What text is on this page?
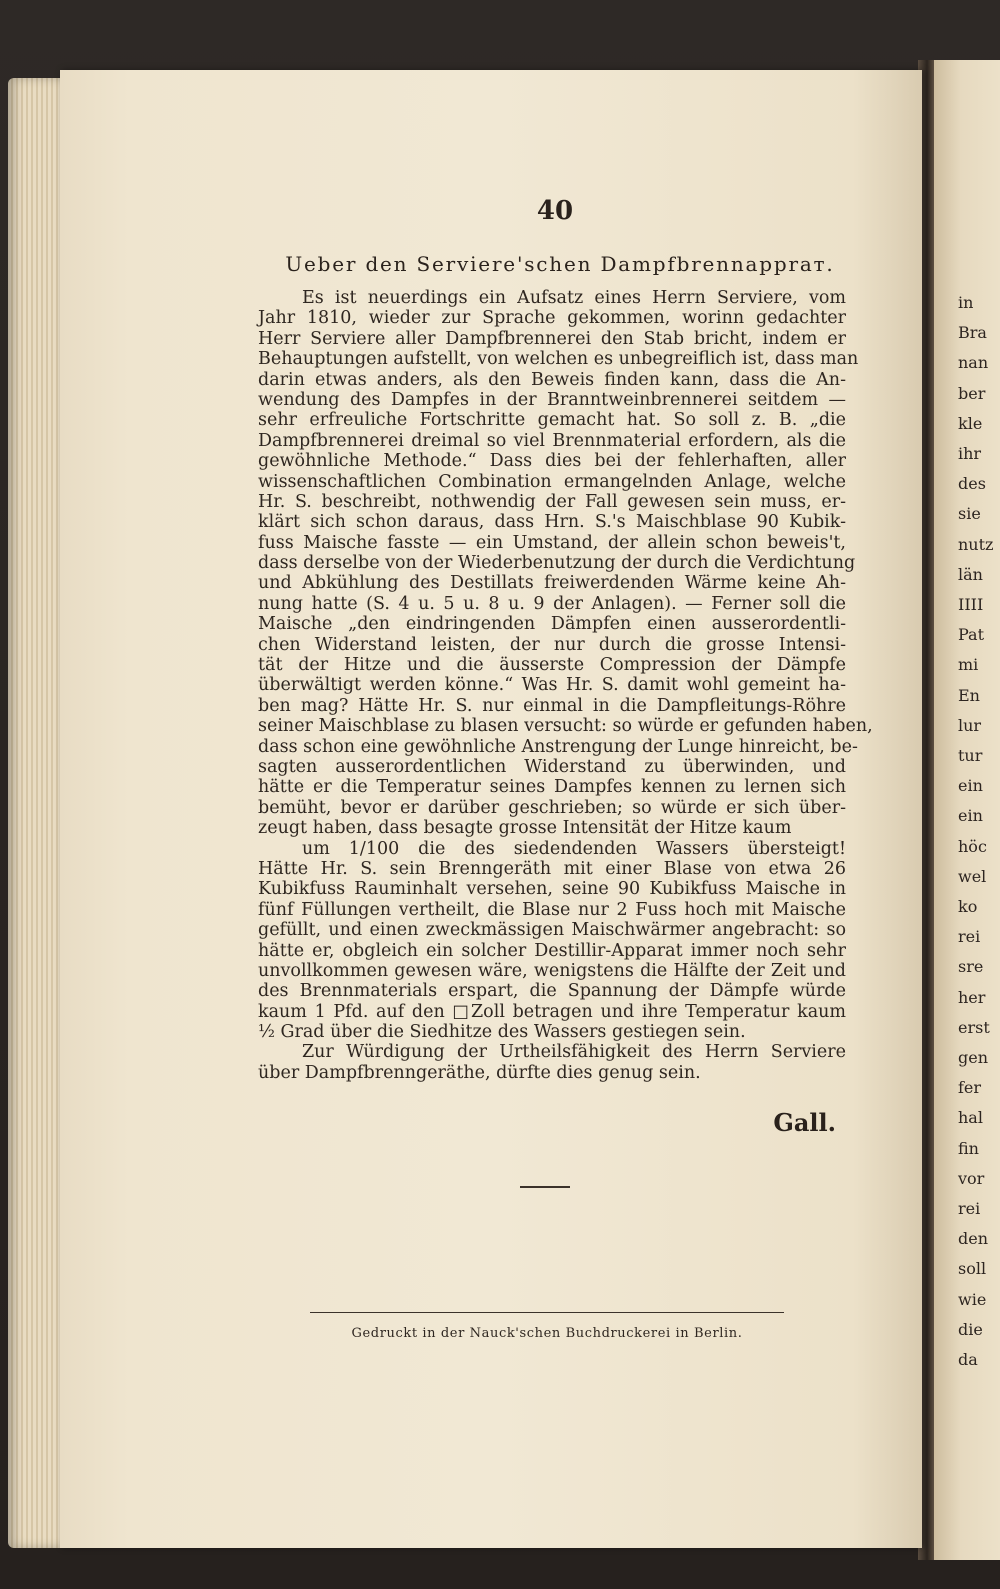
in
Bra
nan
ber
kle
ihr
des
sie
nutz
län
IIII
Pat
mi
En
lur
tur
ein
ein
höc
wel
ko
rei
sre
her
erst
gen
fer
hal
fin
vor
rei
den
soll
wie
die
da
40
Ueber den Serviere'schen Dampfbrennappraт.
Es ist neuerdings ein Aufsatz eines Herrn Serviere, vom
Jahr 1810, wieder zur Sprache gekommen, worinn gedachter
Herr Serviere aller Dampfbrennerei den Stab bricht, indem er
Behauptungen aufstellt, von welchen es unbegreiflich ist, dass man
darin etwas anders, als den Beweis finden kann, dass die An-
wendung des Dampfes in der Branntweinbrennerei seitdem —
sehr erfreuliche Fortschritte gemacht hat. So soll z. B. „die
Dampfbrennerei dreimal so viel Brennmaterial erfordern, als die
gewöhnliche Methode.“ Dass dies bei der fehlerhaften, aller
wissenschaftlichen Combination ermangelnden Anlage, welche
Hr. S. beschreibt, nothwendig der Fall gewesen sein muss, er-
klärt sich schon daraus, dass Hrn. S.'s Maischblase 90 Kubik-
fuss Maische fasste — ein Umstand, der allein schon beweis't,
dass derselbe von der Wiederbenutzung der durch die Verdichtung
und Abkühlung des Destillats freiwerdenden Wärme keine Ah-
nung hatte (S. 4 u. 5 u. 8 u. 9 der Anlagen). — Ferner soll die
Maische „den eindringenden Dämpfen einen ausserordentli-
chen Widerstand leisten, der nur durch die grosse Intensi-
tät der Hitze und die äusserste Compression der Dämpfe
überwältigt werden könne.“ Was Hr. S. damit wohl gemeint ha-
ben mag? Hätte Hr. S. nur einmal in die Dampfleitungs-Röhre
seiner Maischblase zu blasen versucht: so würde er gefunden haben,
dass schon eine gewöhnliche Anstrengung der Lunge hinreicht, be-
sagten ausserordentlichen Widerstand zu überwinden, und
hätte er die Temperatur seines Dampfes kennen zu lernen sich
bemüht, bevor er darüber geschrieben; so würde er sich über-
zeugt haben, dass besagte grosse Intensität der Hitze kaum
um 1/100 die des siedendenden Wassers übersteigt!
Hätte Hr. S. sein Brenngeräth mit einer Blase von etwa 26
Kubikfuss Rauminhalt versehen, seine 90 Kubikfuss Maische in
fünf Füllungen vertheilt, die Blase nur 2 Fuss hoch mit Maische
gefüllt, und einen zweckmässigen Maischwärmer angebracht: so
hätte er, obgleich ein solcher Destillir-Apparat immer noch sehr
unvollkommen gewesen wäre, wenigstens die Hälfte der Zeit und
des Brennmaterials erspart, die Spannung der Dämpfe würde
kaum 1 Pfd. auf den □Zoll betragen und ihre Temperatur kaum
½ Grad über die Siedhitze des Wassers gestiegen sein.
Zur Würdigung der Urtheilsfähigkeit des Herrn Serviere
über Dampfbrenngeräthe, dürfte dies genug sein.
Gall.
Gedruckt in der Nauck'schen Buchdruckerei in Berlin.
